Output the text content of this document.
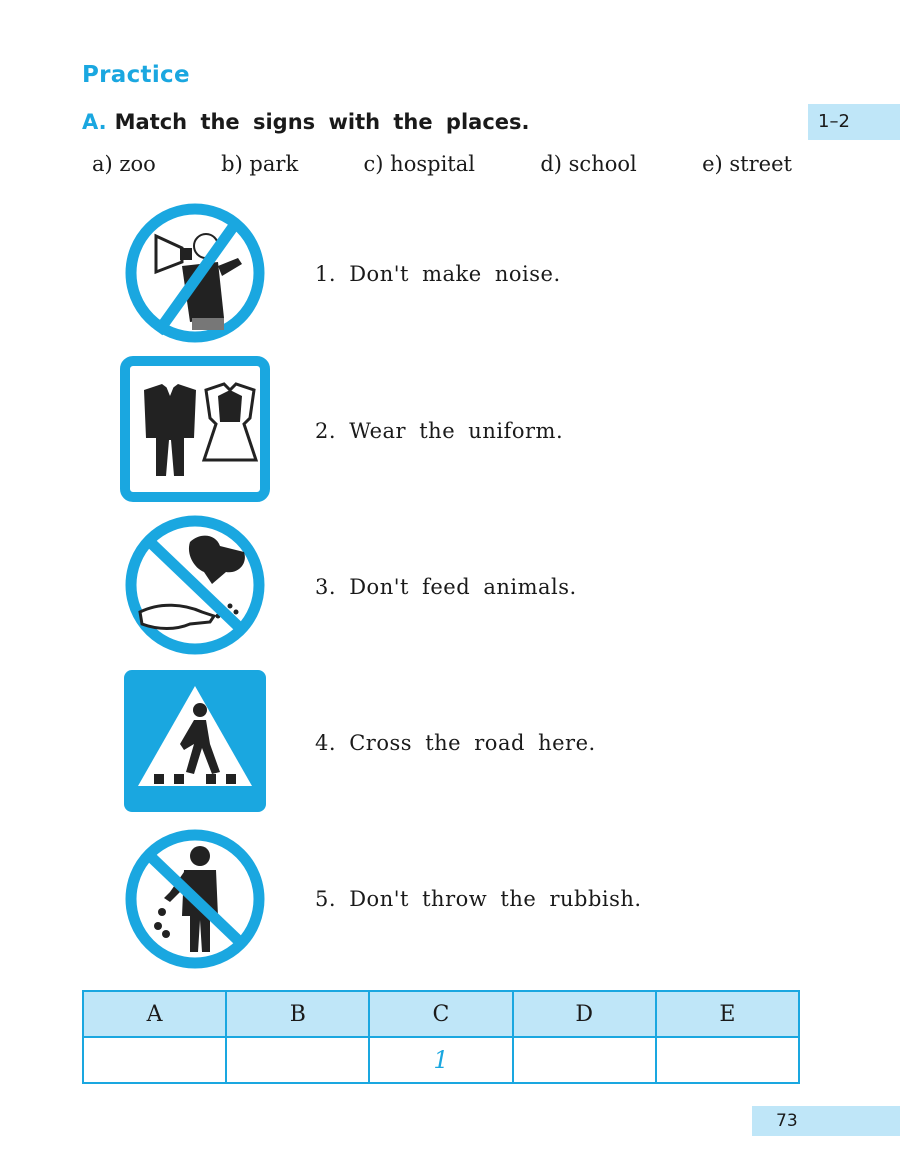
Practice
A. Match the signs with the places.	1–2
a) zoo	b) park	c) hospital	d) school	e) street
1. Don't make noise.
2. Wear the uniform.
3. Don't feed animals.
4. Cross the road here.
5. Don't throw the rubbish.
A	B	C	D	E
		1		
73
